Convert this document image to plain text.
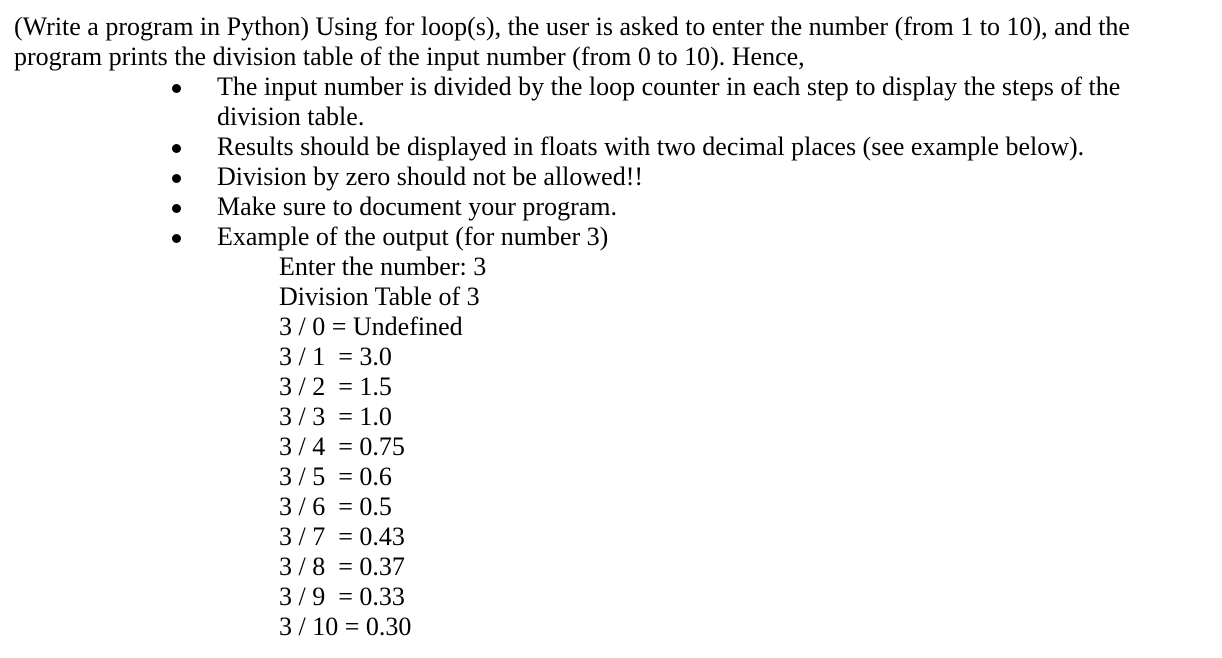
(Write a program in Python) Using for loop(s), the user is asked to enter the number (from 1 to 10), and the program prints the division table of the input number (from 0 to 10). Hence,

The input number is divided by the loop counter in each step to display the steps of the division table.
Results should be displayed in floats with two decimal places (see example below).
Division by zero should not be allowed!!
Make sure to document your program.
Example of the output (for number 3)
Enter the number: 3
Division Table of 3
3 / 0 = Undefined
3 / 1 = 3.0
3 / 2 = 1.5
3 / 3 = 1.0
3 / 4 = 0.75
3 / 5 = 0.6
3 / 6 = 0.5
3 / 7 = 0.43
3 / 8 = 0.37
3 / 9 = 0.33
3 / 10 = 0.30
